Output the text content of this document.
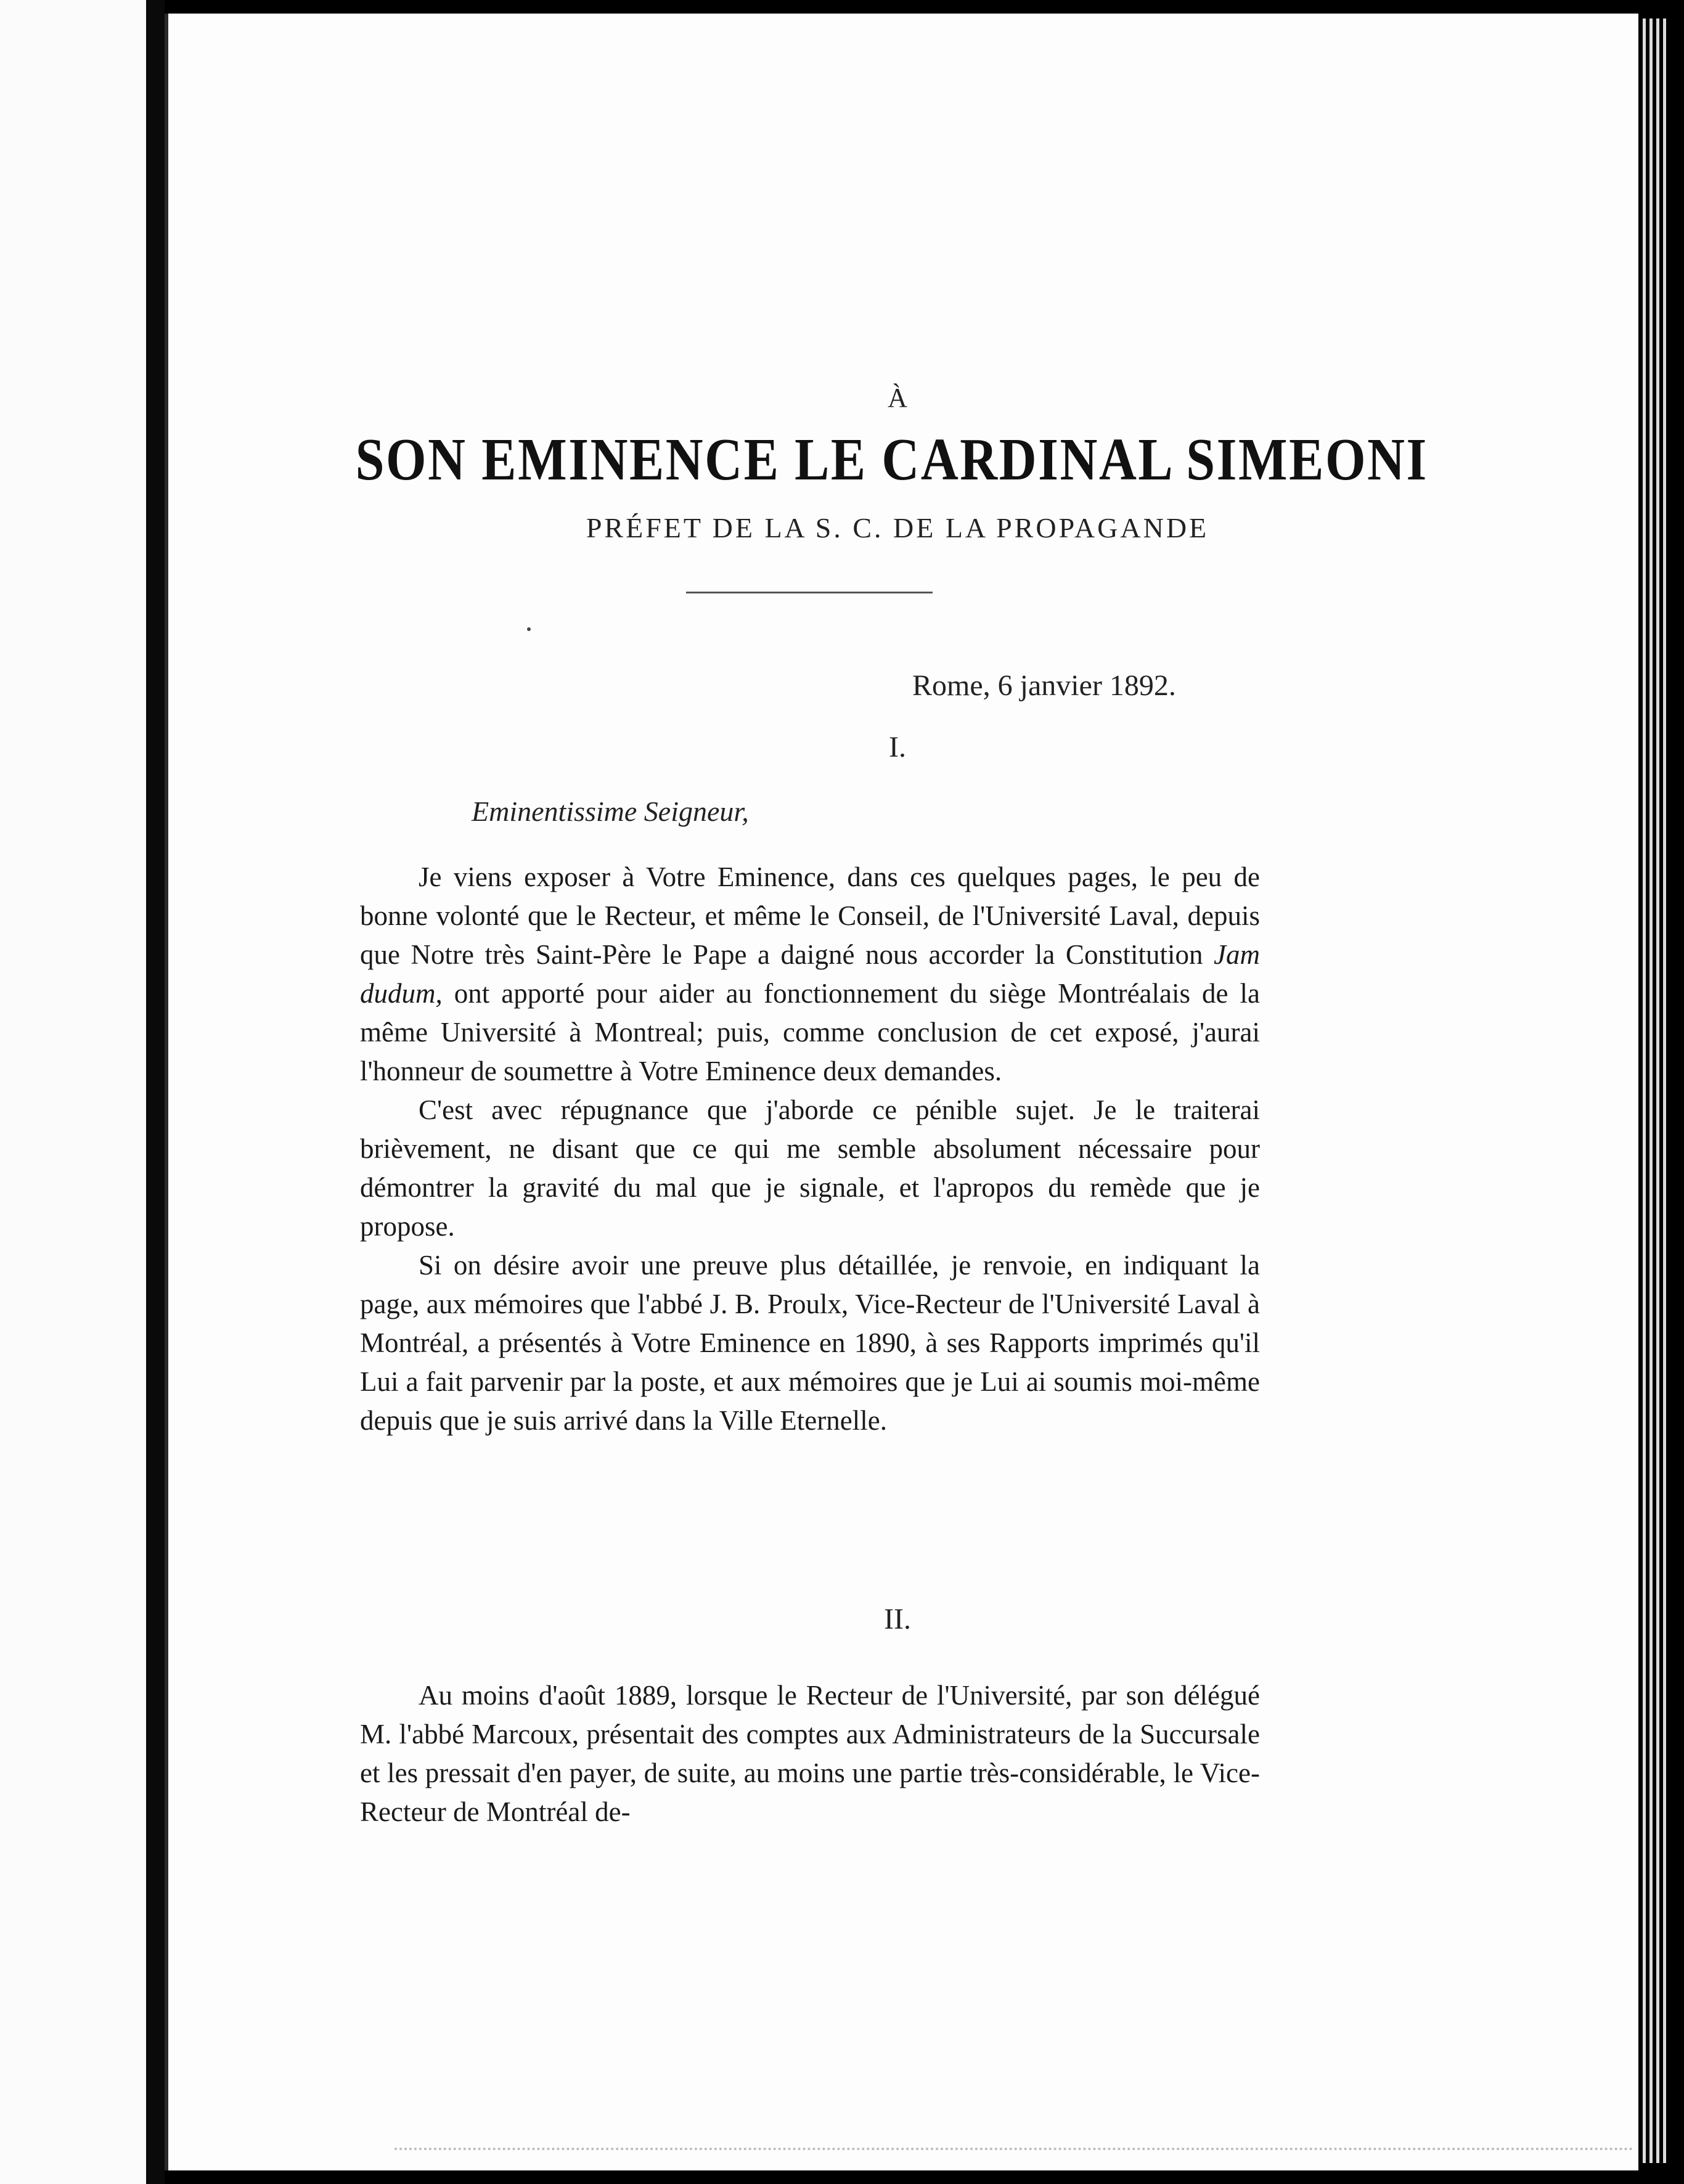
À
SON EMINENCE LE CARDINAL SIMEONI
PRÉFET DE LA S. C. DE LA PROPAGANDE
Rome, 6 janvier 1892.
I.
Eminentissime Seigneur,

Je viens exposer à Votre Eminence, dans ces quelques pages, le peu de bonne volonté que le Recteur, et même le Conseil, de l'Université Laval, depuis que Notre très Saint-Père le Pape a daigné nous accorder la Constitution Jam dudum, ont apporté pour aider au fonctionnement du siège Montréalais de la même Université à Montreal; puis, comme conclusion de cet exposé, j'aurai l'honneur de soumettre à Votre Eminence deux demandes.

C'est avec répugnance que j'aborde ce pénible sujet. Je le traiterai brièvement, ne disant que ce qui me semble absolument nécessaire pour démontrer la gravité du mal que je signale, et l'apropos du remède que je propose.

Si on désire avoir une preuve plus détaillée, je renvoie, en indiquant la page, aux mémoires que l'abbé J. B. Proulx, Vice-Recteur de l'Université Laval à Montréal, a présentés à Votre Eminence en 1890, à ses Rapports imprimés qu'il Lui a fait parvenir par la poste, et aux mémoires que je Lui ai soumis moi-même depuis que je suis arrivé dans la Ville Eternelle.

II.

Au moins d'août 1889, lorsque le Recteur de l'Université, par son délégué M. l'abbé Marcoux, présentait des comptes aux Administrateurs de la Succursale et les pressait d'en payer, de suite, au moins une partie très-considérable, le Vice-Recteur de Montréal de-
